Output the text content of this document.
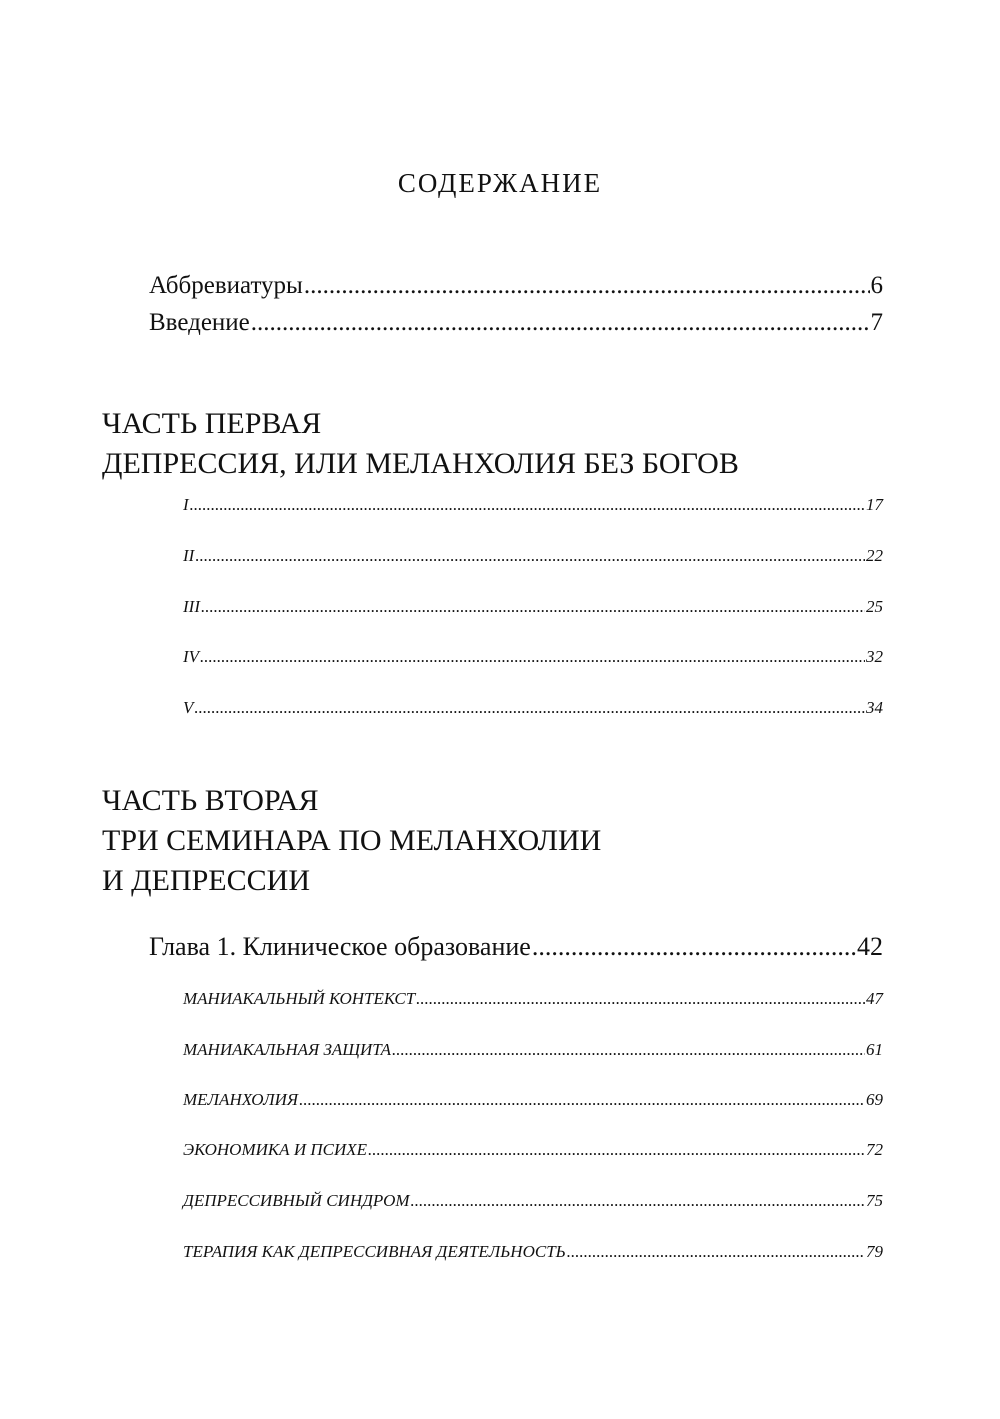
СОДЕРЖАНИЕ
Аббревиатуры .....	6
Введение .....	7
ЧАСТЬ ПЕРВАЯ
ДЕПРЕССИЯ, ИЛИ МЕЛАНХОЛИЯ БЕЗ БОГОВ
I .....	17
II .....	22
III .....	25
IV .....	32
V .....	34
ЧАСТЬ ВТОРАЯ
ТРИ СЕМИНАРА ПО МЕЛАНХОЛИИ
И ДЕПРЕССИИ
Глава 1. Клиническое образование .....	42
МАНИАКАЛЬНЫЙ КОНТЕКСТ .....	47
МАНИАКАЛЬНАЯ ЗАЩИТА .....	61
МЕЛАНХОЛИЯ .....	69
ЭКОНОМИКА И ПСИХЕ .....	72
ДЕПРЕССИВНЫЙ СИНДРОМ .....	75
ТЕРАПИЯ КАК ДЕПРЕССИВНАЯ ДЕЯТЕЛЬНОСТЬ .....	79
